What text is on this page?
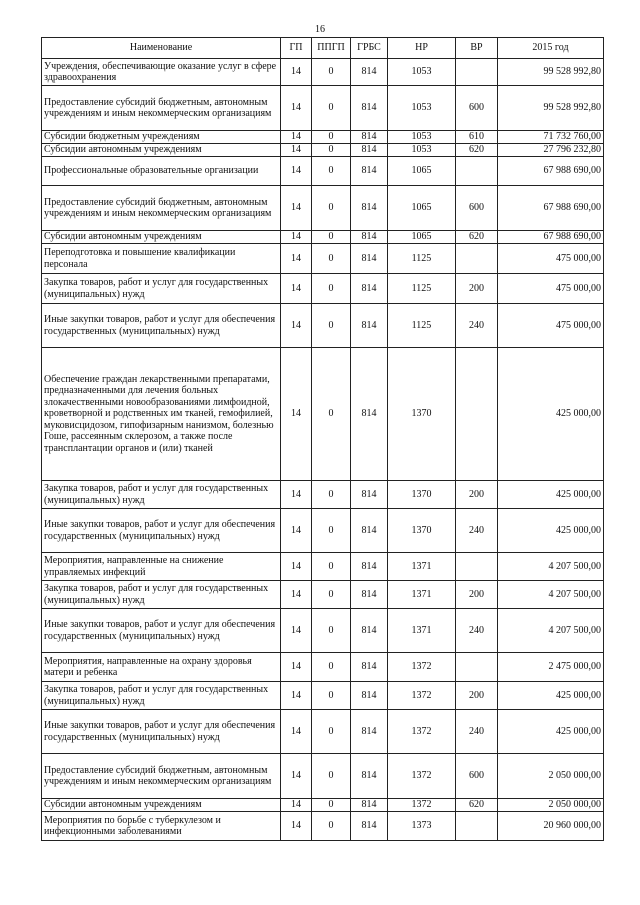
16
Наименование	ГП	ППГП	ГРБС	НР	ВР	2015 год
Учреждения, обеспечивающие оказание услуг в сфере здравоохранения	14	0	814	1053		99 528 992,80
Предоставление субсидий бюджетным, автономным учреждениям и иным некоммерческим организациям	14	0	814	1053	600	99 528 992,80
Субсидии бюджетным учреждениям	14	0	814	1053	610	71 732 760,00
Субсидии автономным учреждениям	14	0	814	1053	620	27 796 232,80
Профессиональные образовательные организации	14	0	814	1065		67 988 690,00
Предоставление субсидий бюджетным, автономным учреждениям и иным некоммерческим организациям	14	0	814	1065	600	67 988 690,00
Субсидии автономным учреждениям	14	0	814	1065	620	67 988 690,00
Переподготовка и повышение квалификации персонала	14	0	814	1125		475 000,00
Закупка товаров, работ и услуг для государственных (муниципальных) нужд	14	0	814	1125	200	475 000,00
Иные закупки товаров, работ и услуг для обеспечения государственных (муниципальных) нужд	14	0	814	1125	240	475 000,00
Обеспечение граждан лекарственными препаратами, предназначенными для лечения больных злокачественными новообразованиями лимфоидной, кроветворной и родственных им тканей, гемофилией, муковисцидозом, гипофизарным нанизмом, болезнью Гоше, рассеянным склерозом, а также после трансплантации органов и (или) тканей	14	0	814	1370		425 000,00
Закупка товаров, работ и услуг для государственных (муниципальных) нужд	14	0	814	1370	200	425 000,00
Иные закупки товаров, работ и услуг для обеспечения государственных (муниципальных) нужд	14	0	814	1370	240	425 000,00
Мероприятия, направленные на снижение управляемых инфекций	14	0	814	1371		4 207 500,00
Закупка товаров, работ и услуг для государственных (муниципальных) нужд	14	0	814	1371	200	4 207 500,00
Иные закупки товаров, работ и услуг для обеспечения государственных (муниципальных) нужд	14	0	814	1371	240	4 207 500,00
Мероприятия, направленные на охрану здоровья матери и ребенка	14	0	814	1372		2 475 000,00
Закупка товаров, работ и услуг для государственных (муниципальных) нужд	14	0	814	1372	200	425 000,00
Иные закупки товаров, работ и услуг для обеспечения государственных (муниципальных) нужд	14	0	814	1372	240	425 000,00
Предоставление субсидий бюджетным, автономным учреждениям и иным некоммерческим организациям	14	0	814	1372	600	2 050 000,00
Субсидии автономным учреждениям	14	0	814	1372	620	2 050 000,00
Мероприятия по борьбе с туберкулезом и инфекционными заболеваниями	14	0	814	1373		20 960 000,00
